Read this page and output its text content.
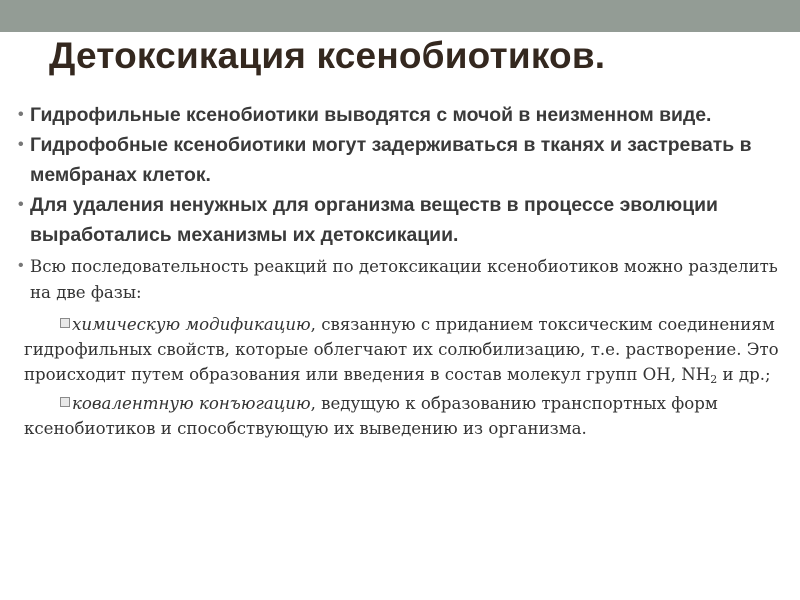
Детоксикация ксенобиотиков.
• Гидрофильные ксенобиотики выводятся с мочой в неизменном виде.
• Гидрофобные ксенобиотики могут задерживаться в тканях и застревать в мембранах клеток.
• Для удаления ненужных для организма веществ в процессе эволюции выработались механизмы их детоксикации.
• Всю последовательность реакций по детоксикации ксенобиотиков можно разделить на две фазы:
химическую модификацию, связанную с приданием токсическим соединениям гидрофильных свойств, которые облегчают их солюбилизацию, т.е. растворение. Это происходит путем образования или введения в состав молекул групп OH, $NH_2$ и др.;
ковалентную конъюгацию, ведущую к образованию транспортных форм ксенобиотиков и способствующую их выведению из организма.
